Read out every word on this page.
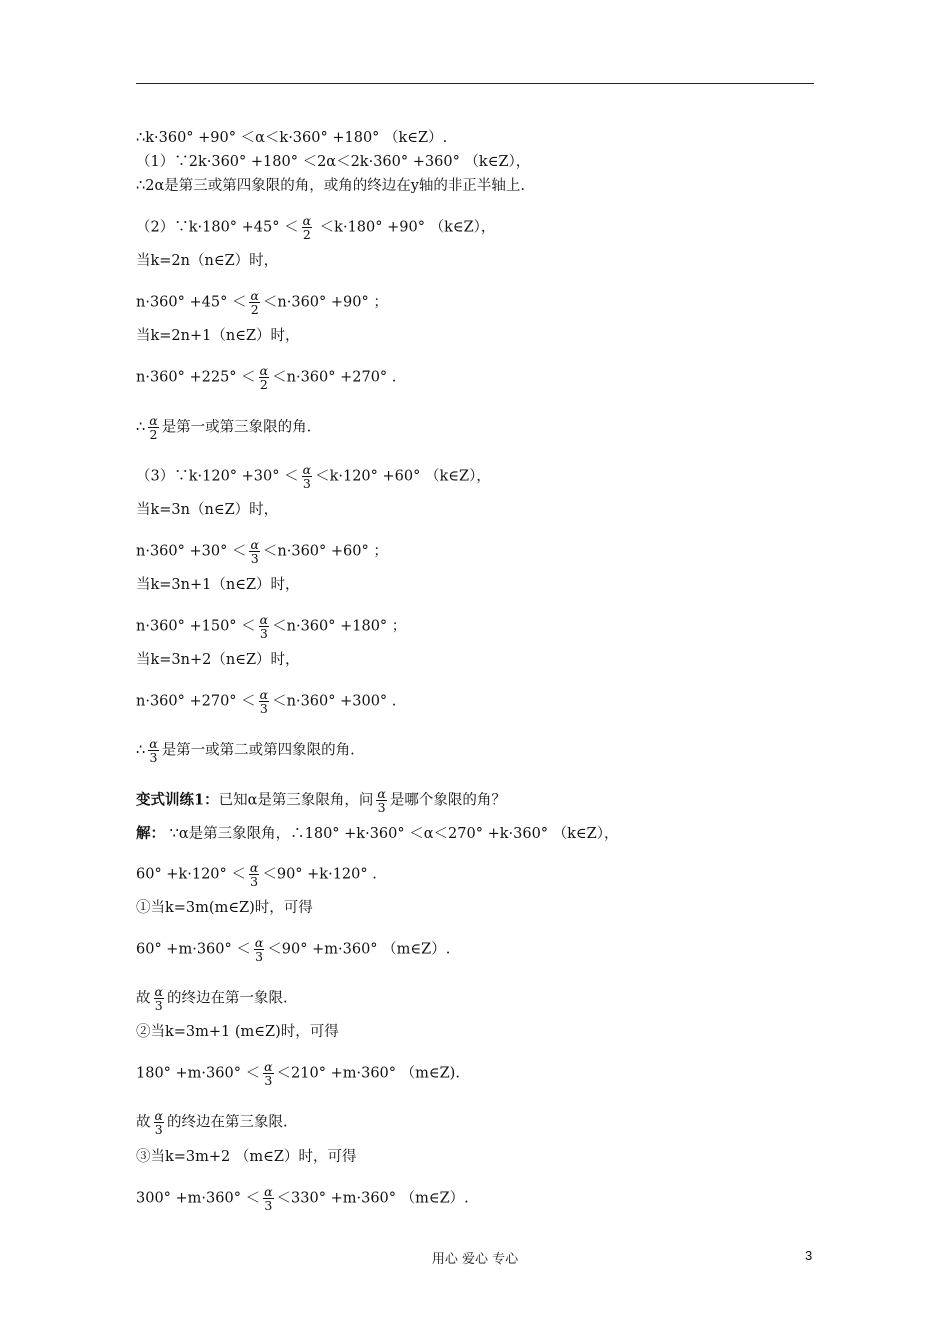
∴k·360° +90° ＜α＜k·360° +180° （k∈Z）.
（1）∵2k·360° +180° ＜2α＜2k·360° +360° （k∈Z），
∴2α是第三或第四象限的角，或角的终边在y轴的非正半轴上.
（2）∵k·180° $+45^\circ < \frac{\alpha}{2} <k\cdot 180^\circ +90^\circ$ （k∈Z），
当k=2n（n∈Z）时，
$n\cdot 360^\circ +45^\circ < \frac{\alpha}{2} <n\cdot 360^\circ +90^\circ$ ；
当k=2n+1（n∈Z）时，
$n\cdot 360^\circ +225^\circ < \frac{\alpha}{2} <n\cdot 360^\circ +270^\circ$ .
∴ $\frac{\alpha}{2}$ 是第一或第三象限的角.
（3）∵k·120° $+30^\circ < \frac{\alpha}{3} <k\cdot 120^\circ +60^\circ$ （k∈Z），
当k=3n（n∈Z）时，
$n\cdot 360^\circ +30^\circ < \frac{\alpha}{3} <n\cdot 360^\circ +60^\circ$ ；
当k=3n+1（n∈Z）时，
$n\cdot 360^\circ +150^\circ < \frac{\alpha}{3} <n\cdot 360^\circ +180^\circ$ ；
当k=3n+2（n∈Z）时，
$n\cdot 360^\circ +270^\circ < \frac{\alpha}{3} <n\cdot 360^\circ +300^\circ$ .
∴ $\frac{\alpha}{3}$ 是第一或第二或第四象限的角.
变式训练1：已知α是第三象限角，问 $\frac{\alpha}{3}$ 是哪个象限的角？
解： ∵α是第三象限角，∴180° +k·360° ＜α＜270° +k·360° （k∈Z），
$60^\circ +k\cdot 120^\circ < \frac{\alpha}{3} <90^\circ +k\cdot 120^\circ$ .
①当k=3m(m∈Z)时，可得
$60^\circ +m\cdot 360^\circ < \frac{\alpha}{3} <90^\circ +m\cdot 360^\circ$ （m∈Z）.
故 $\frac{\alpha}{3}$ 的终边在第一象限.
②当k=3m+1 (m∈Z)时，可得
$180^\circ +m\cdot 360^\circ < \frac{\alpha}{3} <210^\circ +m\cdot 360^\circ$ （m∈Z).
故 $\frac{\alpha}{3}$ 的终边在第三象限.
③当k=3m+2 （m∈Z）时，可得
$300^\circ +m\cdot 360^\circ < \frac{\alpha}{3} <330^\circ +m\cdot 360^\circ$ （m∈Z）.
用心 爱心 专心	3
